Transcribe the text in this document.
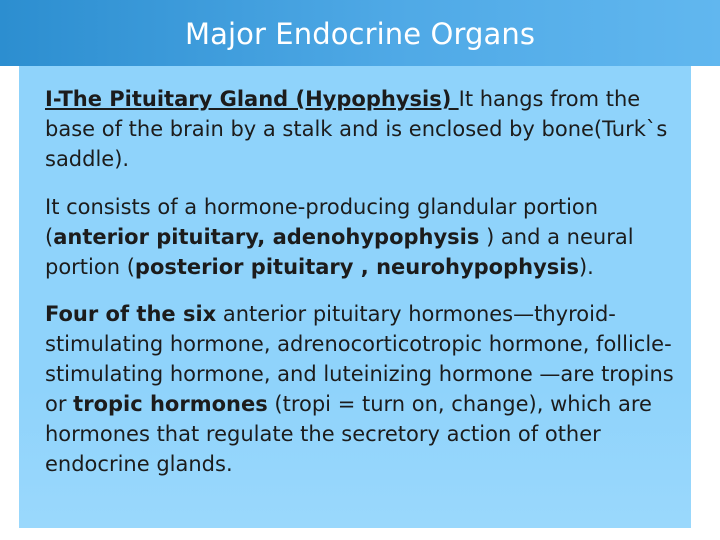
Major Endocrine Organs

I-The Pituitary Gland (Hypophysis) It hangs from the base of the brain by a stalk and is enclosed by bone(Turk`s saddle).

It consists of a hormone-producing glandular portion (anterior pituitary, adenohypophysis ) and a neural portion (posterior pituitary , neurohypophysis).

Four of the six anterior pituitary hormones—thyroid-stimulating hormone, adrenocorticotropic hormone, follicle-stimulating hormone, and luteinizing hormone —are tropins or tropic hormones (tropi = turn on, change), which are hormones that regulate the secretory action of other endocrine glands.
